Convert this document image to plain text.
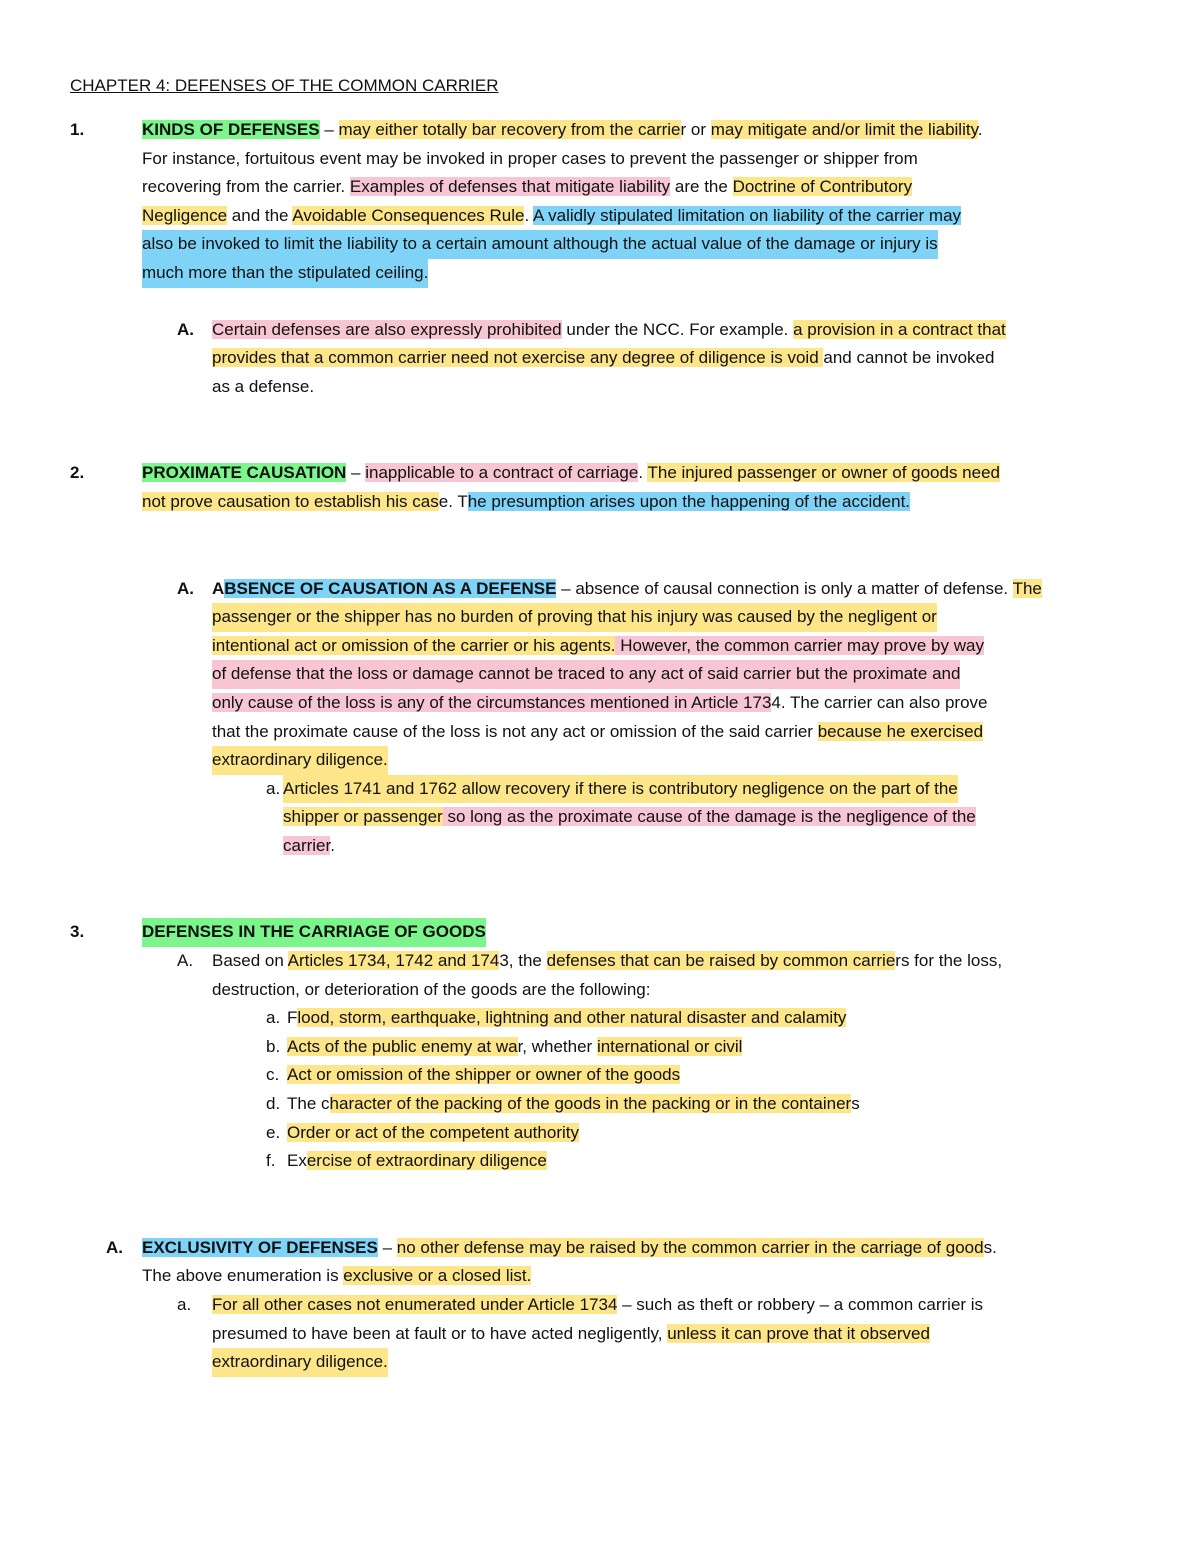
CHAPTER 4: DEFENSES OF THE COMMON CARRIER
1.	KINDS OF DEFENSES – may either totally bar recovery from the carrier or may mitigate and/or limit the liability.
For instance, fortuitous event may be invoked in proper cases to prevent the passenger or shipper from
recovering from the carrier. Examples of defenses that mitigate liability are the Doctrine of Contributory
Negligence and the Avoidable Consequences Rule. A validly stipulated limitation on liability of the carrier may
also be invoked to limit the liability to a certain amount although the actual value of the damage or injury is
much more than the stipulated ceiling.
A. Certain defenses are also expressly prohibited under the NCC. For example. a provision in a contract that
provides that a common carrier need not exercise any degree of diligence is void and cannot be invoked
as a defense.
2.	PROXIMATE CAUSATION – inapplicable to a contract of carriage. The injured passenger or owner of goods need
not prove causation to establish his case. The presumption arises upon the happening of the accident.
A. ABSENCE OF CAUSATION AS A DEFENSE – absence of causal connection is only a matter of defense. The
passenger or the shipper has no burden of proving that his injury was caused by the negligent or
intentional act or omission of the carrier or his agents. However, the common carrier may prove by way
of defense that the loss or damage cannot be traced to any act of said carrier but the proximate and
only cause of the loss is any of the circumstances mentioned in Article 1734. The carrier can also prove
that the proximate cause of the loss is not any act or omission of the said carrier because he exercised
extraordinary diligence.
a. Articles 1741 and 1762 allow recovery if there is contributory negligence on the part of the
shipper or passenger so long as the proximate cause of the damage is the negligence of the
carrier.
3.	DEFENSES IN THE CARRIAGE OF GOODS
A. Based on Articles 1734, 1742 and 1743, the defenses that can be raised by common carriers for the loss,
destruction, or deterioration of the goods are the following:
a. Flood, storm, earthquake, lightning and other natural disaster and calamity
b. Acts of the public enemy at war, whether international or civil
c. Act or omission of the shipper or owner of the goods
d. The character of the packing of the goods in the packing or in the containers
e. Order or act of the competent authority
f. Exercise of extraordinary diligence
A. EXCLUSIVITY OF DEFENSES – no other defense may be raised by the common carrier in the carriage of goods.
The above enumeration is exclusive or a closed list.
a. For all other cases not enumerated under Article 1734 – such as theft or robbery – a common carrier is
presumed to have been at fault or to have acted negligently, unless it can prove that it observed
extraordinary diligence.
